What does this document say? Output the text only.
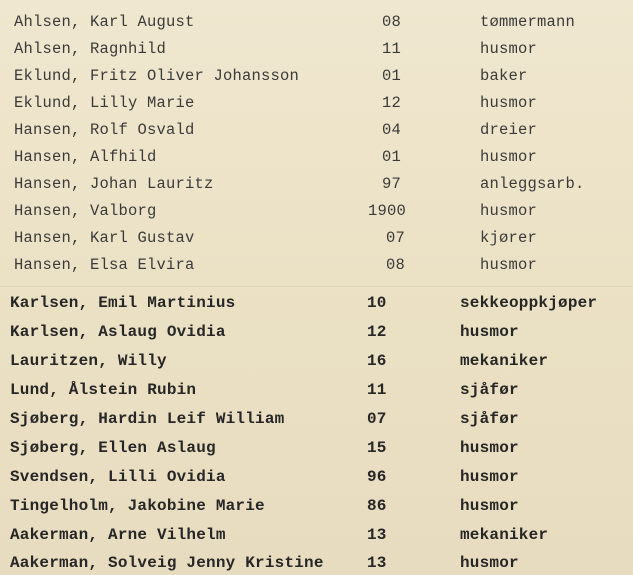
Ahlsen, Karl August	08	tømmermann
Ahlsen, Ragnhild	11	husmor
Eklund, Fritz Oliver Johansson	01	baker
Eklund, Lilly Marie	12	husmor
Hansen, Rolf Osvald	04	dreier
Hansen, Alfhild	01	husmor
Hansen, Johan Lauritz	97	anleggsarb.
Hansen, Valborg	1900	husmor
Hansen, Karl Gustav	07	kjører
Hansen, Elsa Elvira	08	husmor
Karlsen, Emil Martinius	10	sekkeoppkjøper
Karlsen, Aslaug Ovidia	12	husmor
Lauritzen, Willy	16	mekaniker
Lund, Ålstein Rubin	11	sjåfør
Sjøberg, Hardin Leif William	07	sjåfør
Sjøberg, Ellen Aslaug	15	husmor
Svendsen, Lilli Ovidia	96	husmor
Tingelholm, Jakobine Marie	86	husmor
Aakerman, Arne Vilhelm	13	mekaniker
Aakerman, Solveig Jenny Kristine	13	husmor
